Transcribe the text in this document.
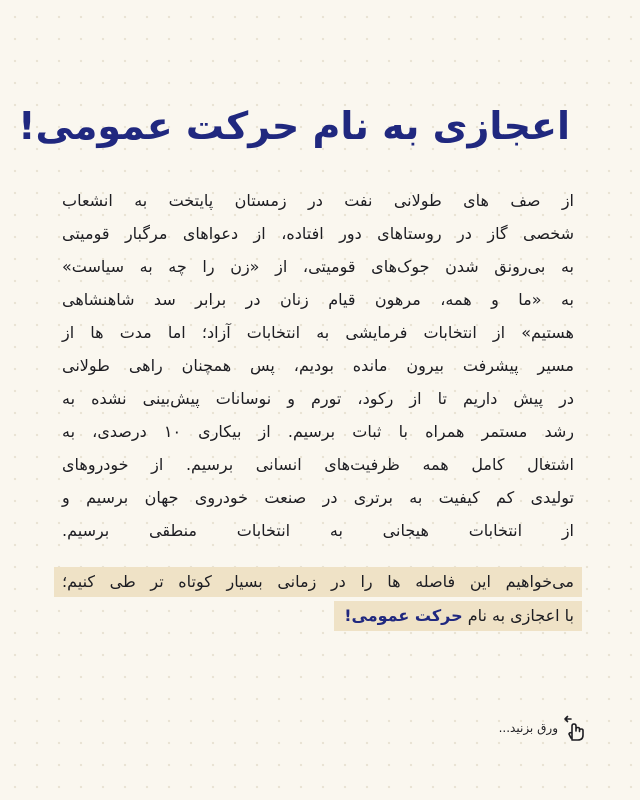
اعجازی به نام حرکت عمومی!
از صف های طولانی نفت در زمستان پایتخت به انشعاب
شخصی گاز در روستاهای دور افتاده، از دعواهای مرگبار قومیتی
به بی‌رونق شدن جوک‌های قومیتی، از «زن را چه به سیاست»
به «ما و همه، مرهون قیام زنان در برابر سد شاهنشاهی
هستیم» از انتخابات فرمایشی به انتخابات آزاد؛ اما مدت ها از
مسیر پیشرفت بیرون مانده بودیم، پس همچنان راهی طولانی
در پیش داریم تا از رکود، تورم و نوسانات پیش‌بینی نشده به
رشد مستمر همراه با ثبات برسیم. از بیکاری ۱۰ درصدی، به
اشتغال کامل همه ظرفیت‌های انسانی برسیم. از خودروهای
تولیدی کم کیفیت به برتری در صنعت خودروی جهان برسیم و
از انتخابات هیجانی به انتخابات منطقی برسیم.
می‌خواهیم این فاصله ها را در زمانی بسیار کوتاه تر طی کنیم؛
با اعجازی به نام حرکت عمومی!
ورق بزنید...
